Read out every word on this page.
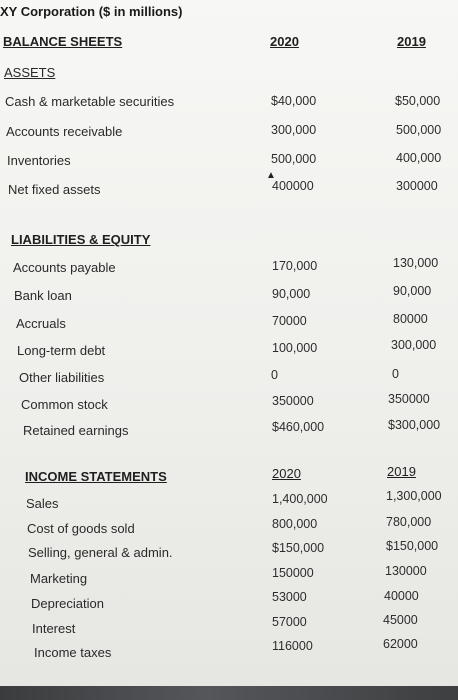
XY Corporation ($ in millions)
BALANCE SHEETS	2020	2019
ASSETS
Cash & marketable securities	$40,000	$50,000
Accounts receivable	300,000	500,000
Inventories	500,000	400,000
Net fixed assets	400000	300000
▲
LIABILITIES & EQUITY
Accounts payable	170,000	130,000
Bank loan	90,000	90,000
Accruals	70000	80000
Long-term debt	100,000	300,000
Other liabilities	0	0
Common stock	350000	350000
Retained earnings	$460,000	$300,000
INCOME STATEMENTS	2020	2019
Sales	1,400,000	1,300,000
Cost of goods sold	800,000	780,000
Selling, general & admin.	$150,000	$150,000
Marketing	150000	130000
Depreciation	53000	40000
Interest	57000	45000
Income taxes	116000	62000
